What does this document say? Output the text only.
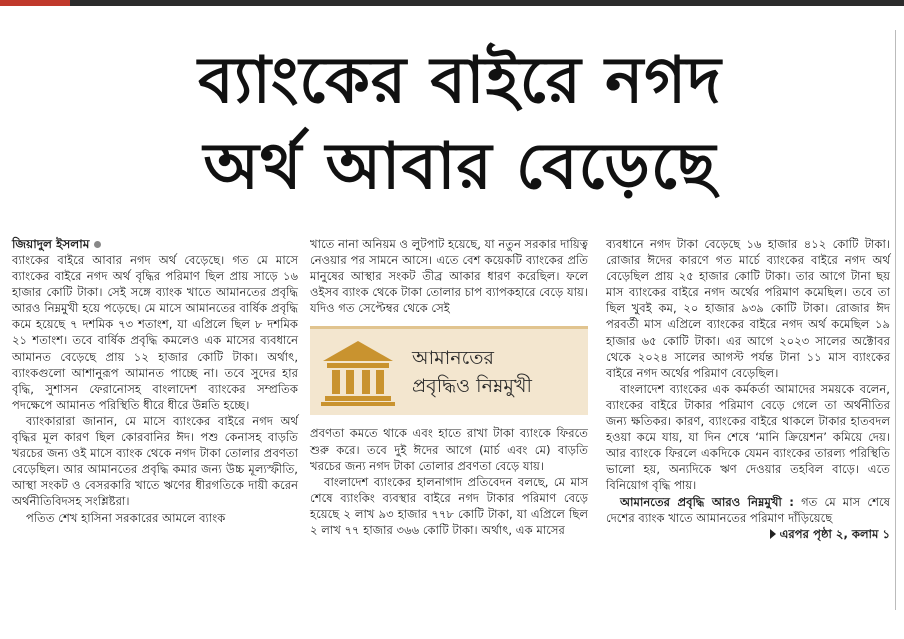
ব্যাংকের বাইরে নগদ
অর্থ আবার বেড়েছে
জিয়াদুল ইসলাম

ব্যাংকের বাইরে আবার নগদ অর্থ বেড়েছে। গত মে মাসে ব্যাংকের বাইরে নগদ অর্থ বৃদ্ধির পরিমাণ ছিল প্রায় সাড়ে ১৬ হাজার কোটি টাকা। সেই সঙ্গে ব্যাংক খাতে আমানতের প্রবৃদ্ধি আরও নিম্নমুখী হয়ে পড়েছে। মে মাসে আমানতের বার্ষিক প্রবৃদ্ধি কমে হয়েছে ৭ দশমিক ৭৩ শতাংশ, যা এপ্রিলে ছিল ৮ দশমিক ২১ শতাংশ। তবে বার্ষিক প্রবৃদ্ধি কমলেও এক মাসের ব্যবধানে আমানত বেড়েছে প্রায় ১২ হাজার কোটি টাকা। অর্থাৎ, ব্যাংকগুলো আশানুরূপ আমানত পাচ্ছে না। তবে সুদের হার বৃদ্ধি, সুশাসন ফেরানোসহ বাংলাদেশ ব্যাংকের সম্প্রতিক পদক্ষেপে আমানত পরিস্থিতি ধীরে ধীরে উন্নতি হচ্ছে।

ব্যাংকারারা জানান, মে মাসে ব্যাংকের বাইরে নগদ অর্থ বৃদ্ধির মূল কারণ ছিল কোরবানির ঈদ। পশু কেনাসহ বাড়তি খরচের জন্য ওই মাসে ব্যাংক থেকে নগদ টাকা তোলার প্রবণতা বেড়েছিল। আর আমানতের প্রবৃদ্ধি কমার জন্য উচ্চ মূল্যস্ফীতি, আস্থা সংকট ও বেসরকারি খাতে ঋণের ধীরগতিকে দায়ী করেন অর্থনীতিবিদসহ সংশ্লিষ্টরা।

পতিত শেখ হাসিনা সরকারের আমলে ব্যাংক

খাতে নানা অনিয়ম ও লুটপাট হয়েছে, যা নতুন সরকার দায়িত্ব নেওয়ার পর সামনে আসে। এতে বেশ কয়েকটি ব্যাংকের প্রতি মানুষের আস্থার সংকট তীব্র আকার ধারণ করেছিল। ফলে ওইসব ব্যাংক থেকে টাকা তোলার চাপ ব্যাপকহারে বেড়ে যায়। যদিও গত সেপ্টেম্বর থেকে সেই

আমানতের
প্রবৃদ্ধিও নিম্নমুখী

প্রবণতা কমতে থাকে এবং হাতে রাখা টাকা ব্যাংকে ফিরতে শুরু করে। তবে দুই ঈদের আগে (মার্চ এবং মে) বাড়তি খরচের জন্য নগদ টাকা তোলার প্রবণতা বেড়ে যায়।

বাংলাদেশ ব্যাংকের হালনাগাদ প্রতিবেদন বলছে, মে মাস শেষে ব্যাংকিং ব্যবস্থার বাইরে নগদ টাকার পরিমাণ বেড়ে হয়েছে ২ লাখ ৯৩ হাজার ৭৭৮ কোটি টাকা, যা এপ্রিলে ছিল ২ লাখ ৭৭ হাজার ৩৬৬ কোটি টাকা। অর্থাৎ, এক মাসের

ব্যবধানে নগদ টাকা বেড়েছে ১৬ হাজার ৪১২ কোটি টাকা। রোজার ঈদের কারণে গত মার্চে ব্যাংকের বাইরে নগদ অর্থ বেড়েছিল প্রায় ২৫ হাজার কোটি টাকা। তার আগে টানা ছয় মাস ব্যাংকের বাইরে নগদ অর্থের পরিমাণ কমেছিল। তবে তা ছিল খুবই কম, ২০ হাজার ৯৩৯ কোটি টাকা। রোজার ঈদ পরবর্তী মাস এপ্রিলে ব্যাংকের বাইরে নগদ অর্থ কমেছিল ১৯ হাজার ৬৫ কোটি টাকা। এর আগে ২০২৩ সালের অক্টোবর থেকে ২০২৪ সালের আগস্ট পর্যন্ত টানা ১১ মাস ব্যাংকের বাইরে নগদ অর্থের পরিমাণ বেড়েছিল।

বাংলাদেশ ব্যাংকের এক কর্মকর্তা আমাদের সময়কে বলেন, ব্যাংকের বাইরে টাকার পরিমাণ বেড়ে গেলে তা অর্থনীতির জন্য ক্ষতিকর। কারণ, ব্যাংকের বাইরে থাকলে টাকার হাতবদল হওয়া কমে যায়, যা দিন শেষে ‘মানি ক্রিয়েশন’ কমিয়ে দেয়। আর ব্যাংকে ফিরলে একদিকে যেমন ব্যাংকের তারল্য পরিস্থিতি ভালো হয়, অন্যদিকে ঋণ দেওয়ার তহবিল বাড়ে। এতে বিনিয়োগ বৃদ্ধি পায়।

আমানতের প্রবৃদ্ধি আরও নিম্নমুখী : গত মে মাস শেষে দেশের ব্যাংক খাতে আমানতের পরিমাণ দাঁড়িয়েছে

এরপর পৃষ্ঠা ২, কলাম ১
